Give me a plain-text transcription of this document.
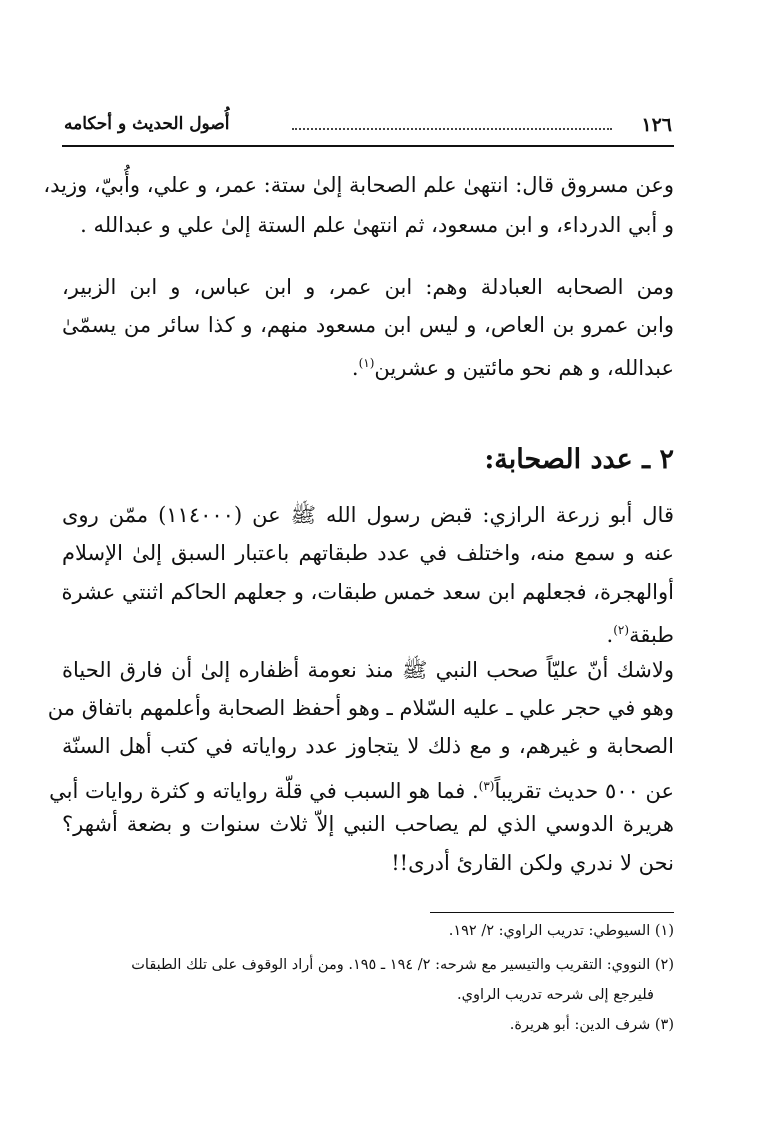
١٢٦
أُصول الحديث و أحكامه
وعن مسروق قال: انتهىٰ علم الصحابة إلىٰ ستة: عمر، و علي، وأُبيّ، وزيد،
و أبي الدرداء، و ابن مسعود، ثم انتهىٰ علم الستة إلىٰ علي و عبدالله .
ومن الصحابه العبادلة وهم: ابن عمر، و ابن عباس، و ابن الزبير،
وابن عمرو بن العاص، و ليس ابن مسعود منهم، و كذا سائر من يسمّىٰ
عبدالله، و هم نحو مائتين و عشرين$^{(١)}$.
٢ ـ عدد الصحابة:
قال أبو زرعة الرازي: قبض رسول الله ﷺ عن (١١٤٠٠٠) ممّن روى
عنه و سمع منه، واختلف في عدد طبقاتهم باعتبار السبق إلىٰ الإسلام
أوالهجرة، فجعلهم ابن سعد خمس طبقات، و جعلهم الحاكم اثنتي عشرة
طبقة$^{(٢)}$.
ولاشك أنّ عليّاً صحب النبي ﷺ منذ نعومة أظفاره إلىٰ أن فارق الحياة
وهو في حجر علي ـ عليه السّلام ـ وهو أحفظ الصحابة وأعلمهم باتفاق من
الصحابة و غيرهم، و مع ذلك لا يتجاوز عدد رواياته في كتب أهل السنّة
عن ٥٠٠ حديث تقريباً$^{(٣)}$. فما هو السبب في قلّة رواياته و كثرة روايات أبي
هريرة الدوسي الذي لم يصاحب النبي إلاّ ثلاث سنوات و بضعة أشهر؟
نحن لا ندري ولكن القارئ أدرى!!
(١) السيوطي: تدريب الراوي: ٢/ ١٩٢.
(٢) النووي: التقريب والتيسير مع شرحه: ٢/ ١٩٤ ـ ١٩٥. ومن أراد الوقوف على تلك الطبقات
فليرجع إلى شرحه تدريب الراوي.
(٣) شرف الدين: أبو هريرة.
